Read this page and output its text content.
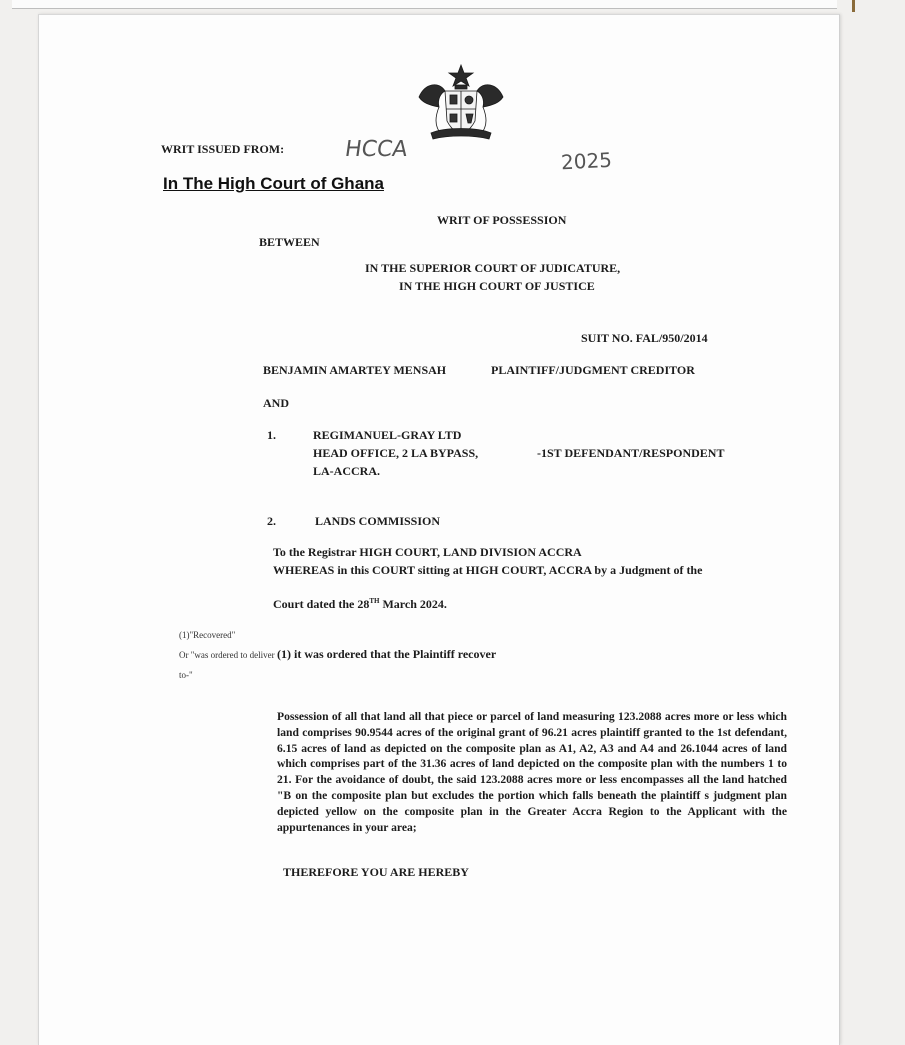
WRIT ISSUED FROM:	HCCA	2025
In The High Court of Ghana
WRIT OF POSSESSION
BETWEEN
IN THE SUPERIOR COURT OF JUDICATURE,
IN THE HIGH COURT OF JUSTICE
SUIT NO. FAL/950/2014
BENJAMIN AMARTEY MENSAH	PLAINTIFF/JUDGMENT CREDITOR
AND
1.	REGIMANUEL-GRAY LTD
HEAD OFFICE, 2 LA BYPASS,
LA-ACCRA.
-1ST DEFENDANT/RESPONDENT
2.	LANDS COMMISSION
To the Registrar HIGH COURT, LAND DIVISION ACCRA
WHEREAS in this COURT sitting at HIGH COURT, ACCRA by a Judgment of the
Court dated the 28TH March 2024.
(1)"Recovered"
Or "was ordered to deliver to-"
(1) it was ordered that the Plaintiff recover
Possession of all that land all that piece or parcel of land measuring 123.2088 acres more or less which land comprises 90.9544 acres of the original grant of 96.21 acres plaintiff granted to the 1st defendant, 6.15 acres of land as depicted on the composite plan as A1, A2, A3 and A4 and 26.1044 acres of land which comprises part of the 31.36 acres of land depicted on the composite plan with the numbers 1 to 21. For the avoidance of doubt, the said 123.2088 acres more or less encompasses all the land hatched "B on the composite plan but excludes the portion which falls beneath the plaintiff s judgment plan depicted yellow on the composite plan in the Greater Accra Region to the Applicant with the appurtenances in your area;
THEREFORE YOU ARE HEREBY
